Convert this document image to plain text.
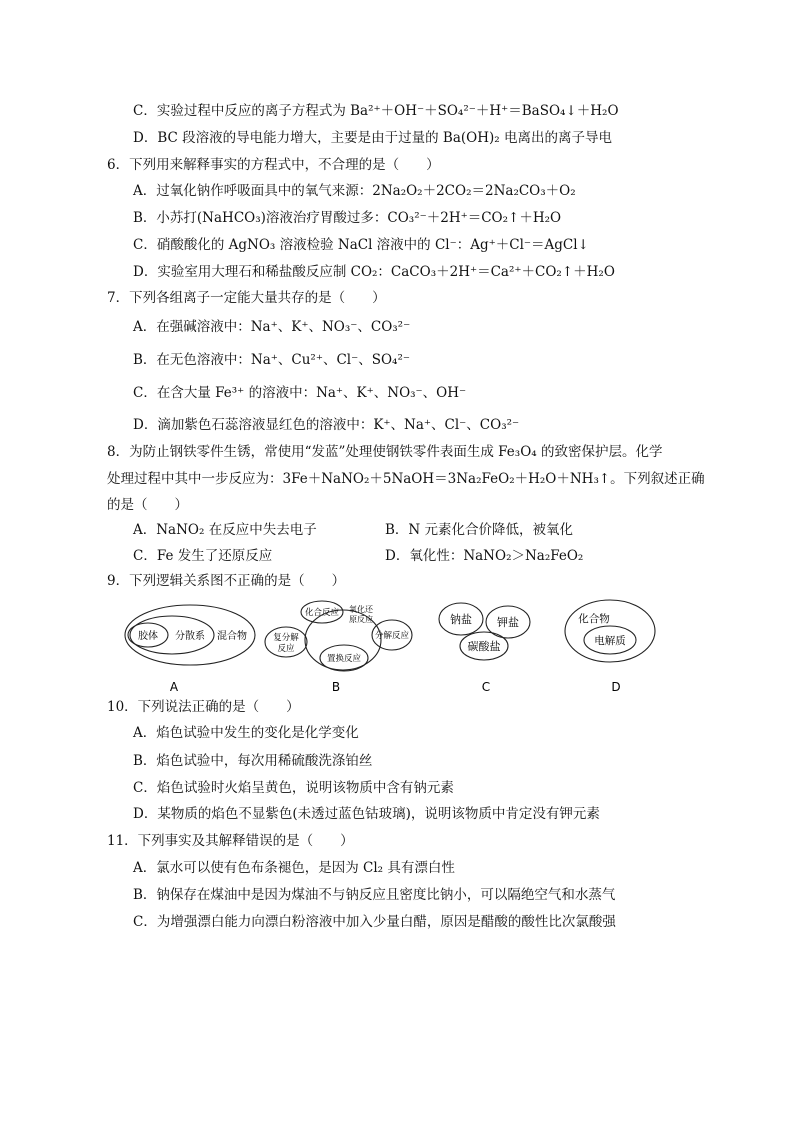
C．实验过程中反应的离子方程式为 Ba²⁺＋OH⁻＋SO₄²⁻＋H⁺＝BaSO₄↓＋H₂O
D．BC 段溶液的导电能力增大，主要是由于过量的 Ba(OH)₂ 电离出的离子导电
6．下列用来解释事实的方程式中，不合理的是（　　）
A．过氧化钠作呼吸面具中的氧气来源：2Na₂O₂＋2CO₂＝2Na₂CO₃＋O₂
B．小苏打(NaHCO₃)溶液治疗胃酸过多：CO₃²⁻＋2H⁺＝CO₂↑＋H₂O
C．硝酸酸化的 AgNO₃ 溶液检验 NaCl 溶液中的 Cl⁻：Ag⁺＋Cl⁻＝AgCl↓
D．实验室用大理石和稀盐酸反应制 CO₂：CaCO₃＋2H⁺＝Ca²⁺＋CO₂↑＋H₂O
7．下列各组离子一定能大量共存的是（　　）
A．在强碱溶液中：Na⁺、K⁺、NO₃⁻、CO₃²⁻
B．在无色溶液中：Na⁺、Cu²⁺、Cl⁻、SO₄²⁻
C．在含大量 Fe³⁺ 的溶液中：Na⁺、K⁺、NO₃⁻、OH⁻
D．滴加紫色石蕊溶液显红色的溶液中：K⁺、Na⁺、Cl⁻、CO₃²⁻
8．为防止钢铁零件生锈，常使用“发蓝”处理使钢铁零件表面生成 Fe₃O₄ 的致密保护层。化学
处理过程中其中一步反应为：3Fe＋NaNO₂＋5NaOH＝3Na₂FeO₂＋H₂O＋NH₃↑。下列叙述正确
的是（　　）
A．NaNO₂ 在反应中失去电子	B．N 元素化合价降低，被氧化
C．Fe 发生了还原反应	D．氧化性：NaNO₂＞Na₂FeO₂
9．下列逻辑关系图不正确的是（　　）
胶体 分散系 混合物
A
化合反应 氧化还原反应
复分解反应
置换反应
分解反应
B
钠盐 钾盐
碳酸盐
C
化合物
电解质
D
10．下列说法正确的是（　　）
A．焰色试验中发生的变化是化学变化
B．焰色试验中，每次用稀硫酸洗涤铂丝
C．焰色试验时火焰呈黄色，说明该物质中含有钠元素
D．某物质的焰色不显紫色(未透过蓝色钴玻璃)，说明该物质中肯定没有钾元素
11．下列事实及其解释错误的是（　　）
A．氯水可以使有色布条褪色，是因为 Cl₂ 具有漂白性
B．钠保存在煤油中是因为煤油不与钠反应且密度比钠小，可以隔绝空气和水蒸气
C．为增强漂白能力向漂白粉溶液中加入少量白醋，原因是醋酸的酸性比次氯酸强
